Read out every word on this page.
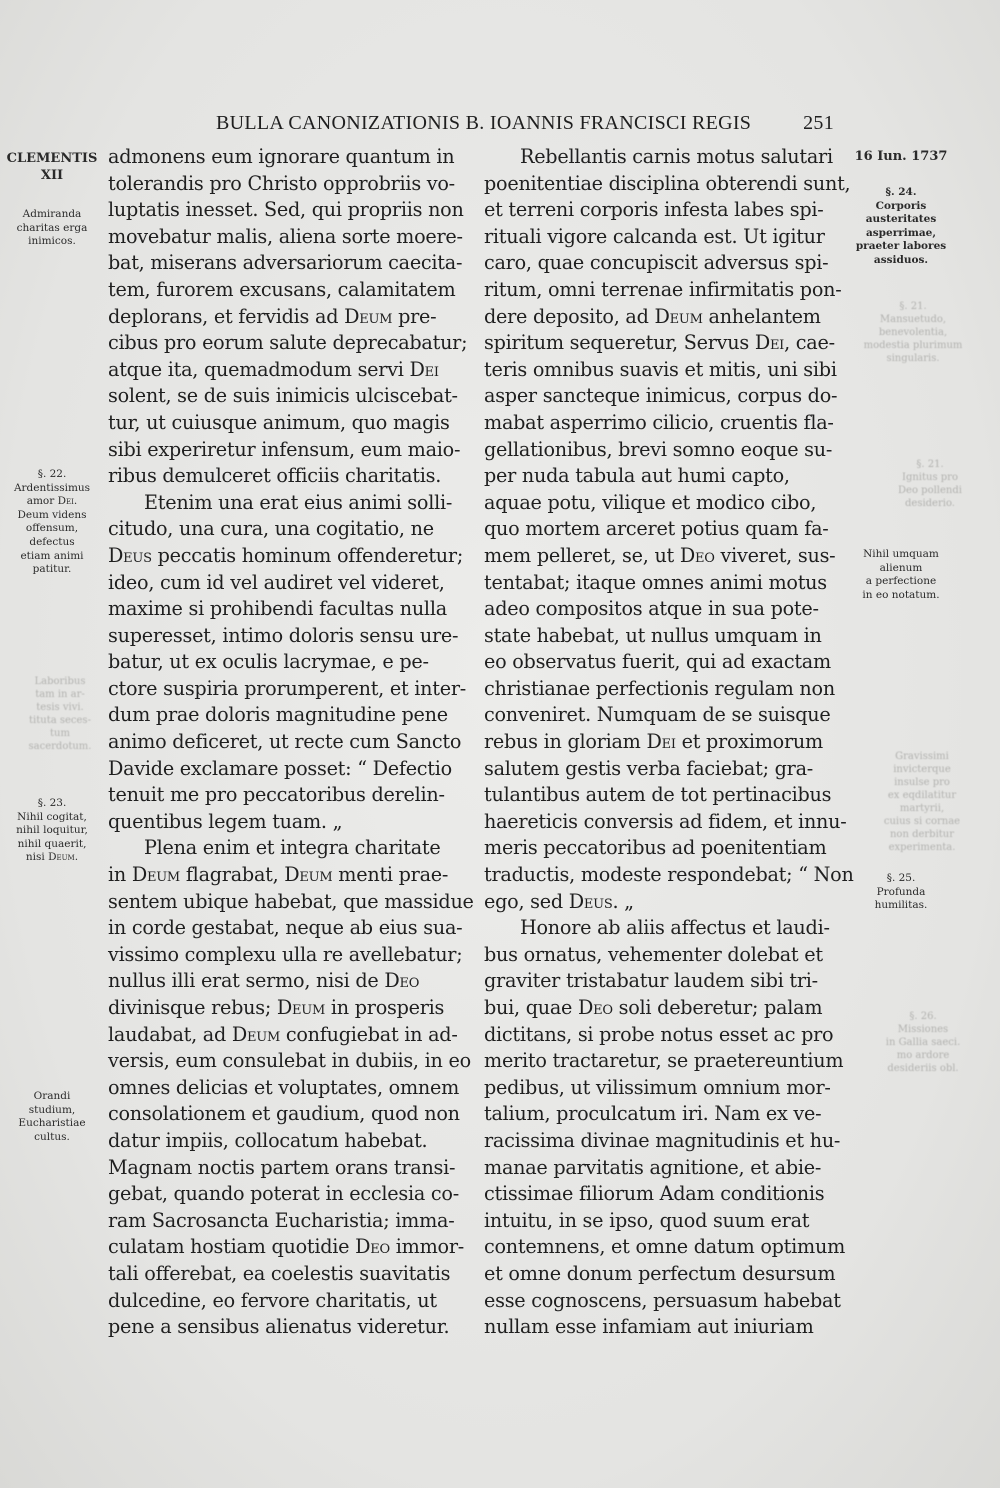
§. 21.
Mansuetudo,
benevolentia,
modestia plurimum
singularis.
§. 21.
Ignitus pro
Deo pollendi
desiderio.
Gravissimi
invicterque
insulse pro
ex eqdilatitur
martyrii,
cuius si cornae
non derbitur
experimenta.
§. 26.
Missiones
in Gallia saeci.
mo ardore
desideriis obl.
Laboribus
tam in ar-
tesis vivi.
tituta seces-
tum sacerdotum.
BULLA CANONIZATIONIS B. IOANNIS FRANCISCI REGIS	251
admonens eum ignorare quantum in
tolerandis pro Christo opprobriis vo-
luptatis inesset. Sed, qui propriis non
movebatur malis, aliena sorte moere-
bat, miserans adversariorum caecita-
tem, furorem excusans, calamitatem
deplorans, et fervidis ad Deum pre-
cibus pro eorum salute deprecabatur;
atque ita, quemadmodum servi Dei
solent, se de suis inimicis ulciscebat-
tur, ut cuiusque animum, quo magis
sibi experiretur infensum, eum maio-
ribus demulceret officiis charitatis.
Etenim una erat eius animi solli-
citudo, una cura, una cogitatio, ne
Deus peccatis hominum offenderetur;
ideo, cum id vel audiret vel videret,
maxime si prohibendi facultas nulla
superesset, intimo doloris sensu ure-
batur, ut ex oculis lacrymae, e pe-
ctore suspiria prorumperent, et inter-
dum prae doloris magnitudine pene
animo deficeret, ut recte cum Sancto
Davide exclamare posset: “ Defectio
tenuit me pro peccatoribus derelin-
quentibus legem tuam. „
Plena enim et integra charitate
in Deum flagrabat, Deum menti prae-
sentem ubique habebat, que massidue
in corde gestabat, neque ab eius sua-
vissimo complexu ulla re avellebatur;
nullus illi erat sermo, nisi de Deo
divinisque rebus; Deum in prosperis
laudabat, ad Deum confugiebat in ad-
versis, eum consulebat in dubiis, in eo
omnes delicias et voluptates, omnem
consolationem et gaudium, quod non
datur impiis, collocatum habebat.
Magnam noctis partem orans transi-
gebat, quando poterat in ecclesia co-
ram Sacrosancta Eucharistia; imma-
culatam hostiam quotidie Deo immor-
tali offerebat, ea coelestis suavitatis
dulcedine, eo fervore charitatis, ut
pene a sensibus alienatus videretur.
Rebellantis carnis motus salutari
poenitentiae disciplina obterendi sunt,
et terreni corporis infesta labes spi-
rituali vigore calcanda est. Ut igitur
caro, quae concupiscit adversus spi-
ritum, omni terrenae infirmitatis pon-
dere deposito, ad Deum anhelantem
spiritum sequeretur, Servus Dei, cae-
teris omnibus suavis et mitis, uni sibi
asper sancteque inimicus, corpus do-
mabat asperrimo cilicio, cruentis fla-
gellationibus, brevi somno eoque su-
per nuda tabula aut humi capto,
aquae potu, vilique et modico cibo,
quo mortem arceret potius quam fa-
mem pelleret, se, ut Deo viveret, sus-
tentabat; itaque omnes animi motus
adeo compositos atque in sua pote-
state habebat, ut nullus umquam in
eo observatus fuerit, qui ad exactam
christianae perfectionis regulam non
conveniret. Numquam de se suisque
rebus in gloriam Dei et proximorum
salutem gestis verba faciebat; gra-
tulantibus autem de tot pertinacibus
haereticis conversis ad fidem, et innu-
meris peccatoribus ad poenitentiam
traductis, modeste respondebat; “ Non
ego, sed Deus. „
Honore ab aliis affectus et laudi-
bus ornatus, vehementer dolebat et
graviter tristabatur laudem sibi tri-
bui, quae Deo soli deberetur; palam
dictitans, si probe notus esset ac pro
merito tractaretur, se praetereuntium
pedibus, ut vilissimum omnium mor-
talium, proculcatum iri. Nam ex ve-
racissima divinae magnitudinis et hu-
manae parvitatis agnitione, et abie-
ctissimae filiorum Adam conditionis
intuitu, in se ipso, quod suum erat
contemnens, et omne datum optimum
et omne donum perfectum desursum
esse cognoscens, persuasum habebat
nullam esse infamiam aut iniuriam
CLEMENTIS
XII
Admiranda
charitas erga
inimicos.
§. 22.
Ardentissimus
amor Dei.
Deum videns
offensum,
defectus
etiam animi
patitur.
§. 23.
Nihil cogitat,
nihil loquitur,
nihil quaerit,
nisi Deum.
Orandi
studium,
Eucharistiae
cultus.
16 Iun. 1737
§. 24.
Corporis
austeritates
asperrimae,
praeter labores
assiduos.
Nihil umquam
alienum
a perfectione
in eo notatum.
§. 25.
Profunda
humilitas.
